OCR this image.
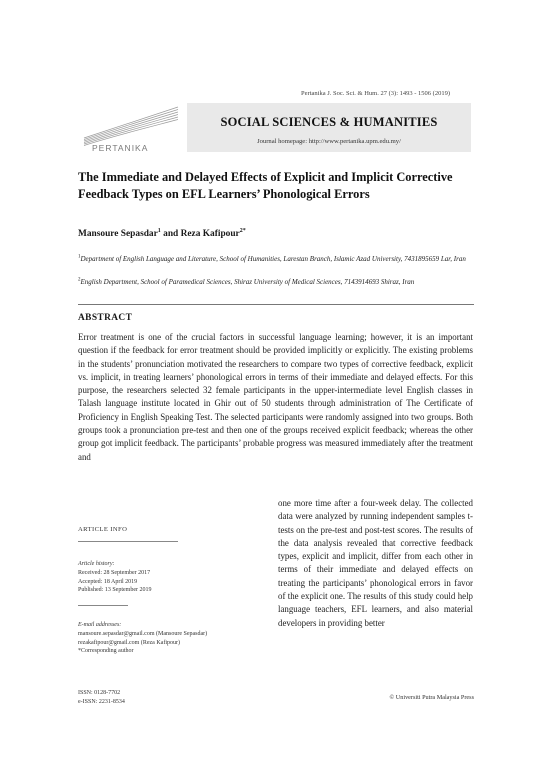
Pertanika J. Soc. Sci. & Hum. 27 (3): 1493 - 1506 (2019)
PERTANIKA
SOCIAL SCIENCES & HUMANITIES
Journal homepage: http://www.pertanika.upm.edu.my/
The Immediate and Delayed Effects of Explicit and Implicit Corrective Feedback Types on EFL Learners’ Phonological Errors
Mansoure Sepasdar$^1$ and Reza Kafipour$^{2*}$
$^1$Department of English Language and Literature, School of Humanities, Larestan Branch, Islamic Azad University, 7431895659 Lar, Iran
$^2$English Department, School of Paramedical Sciences, Shiraz University of Medical Sciences, 7143914693 Shiraz, Iran
ABSTRACT
Error treatment is one of the crucial factors in successful language learning; however, it is an important question if the feedback for error treatment should be provided implicitly or explicitly. The existing problems in the students’ pronunciation motivated the researchers to compare two types of corrective feedback, explicit vs. implicit, in treating learners’ phonological errors in terms of their immediate and delayed effects. For this purpose, the researchers selected 32 female participants in the upper-intermediate level English classes in Talash language institute located in Ghir out of 50 students through administration of The Certificate of Proficiency in English Speaking Test. The selected participants were randomly assigned into two groups. Both groups took a pronunciation pre-test and then one of the groups received explicit feedback; whereas the other group got implicit feedback. The participants’ probable progress was measured immediately after the treatment and
one more time after a four-week delay. The collected data were analyzed by running independent samples t-tests on the pre-test and post-test scores. The results of the data analysis revealed that corrective feedback types, explicit and implicit, differ from each other in terms of their immediate and delayed effects on treating the participants’ phonological errors in favor of the explicit one. The results of this study could help language teachers, EFL learners, and also material developers in providing better
ARTICLE INFO
Article history:
Received: 28 September 2017
Accepted: 18 April 2019
Published: 13 September 2019
E-mail addresses:
mansoure.sepasdar@gmail.com (Mansoure Sepasdar)
rezakafipour@gmail.com (Reza Kafipour)
*Corresponding author
ISSN: 0128-7702
e-ISSN: 2231-8534
© Universiti Putra Malaysia Press
